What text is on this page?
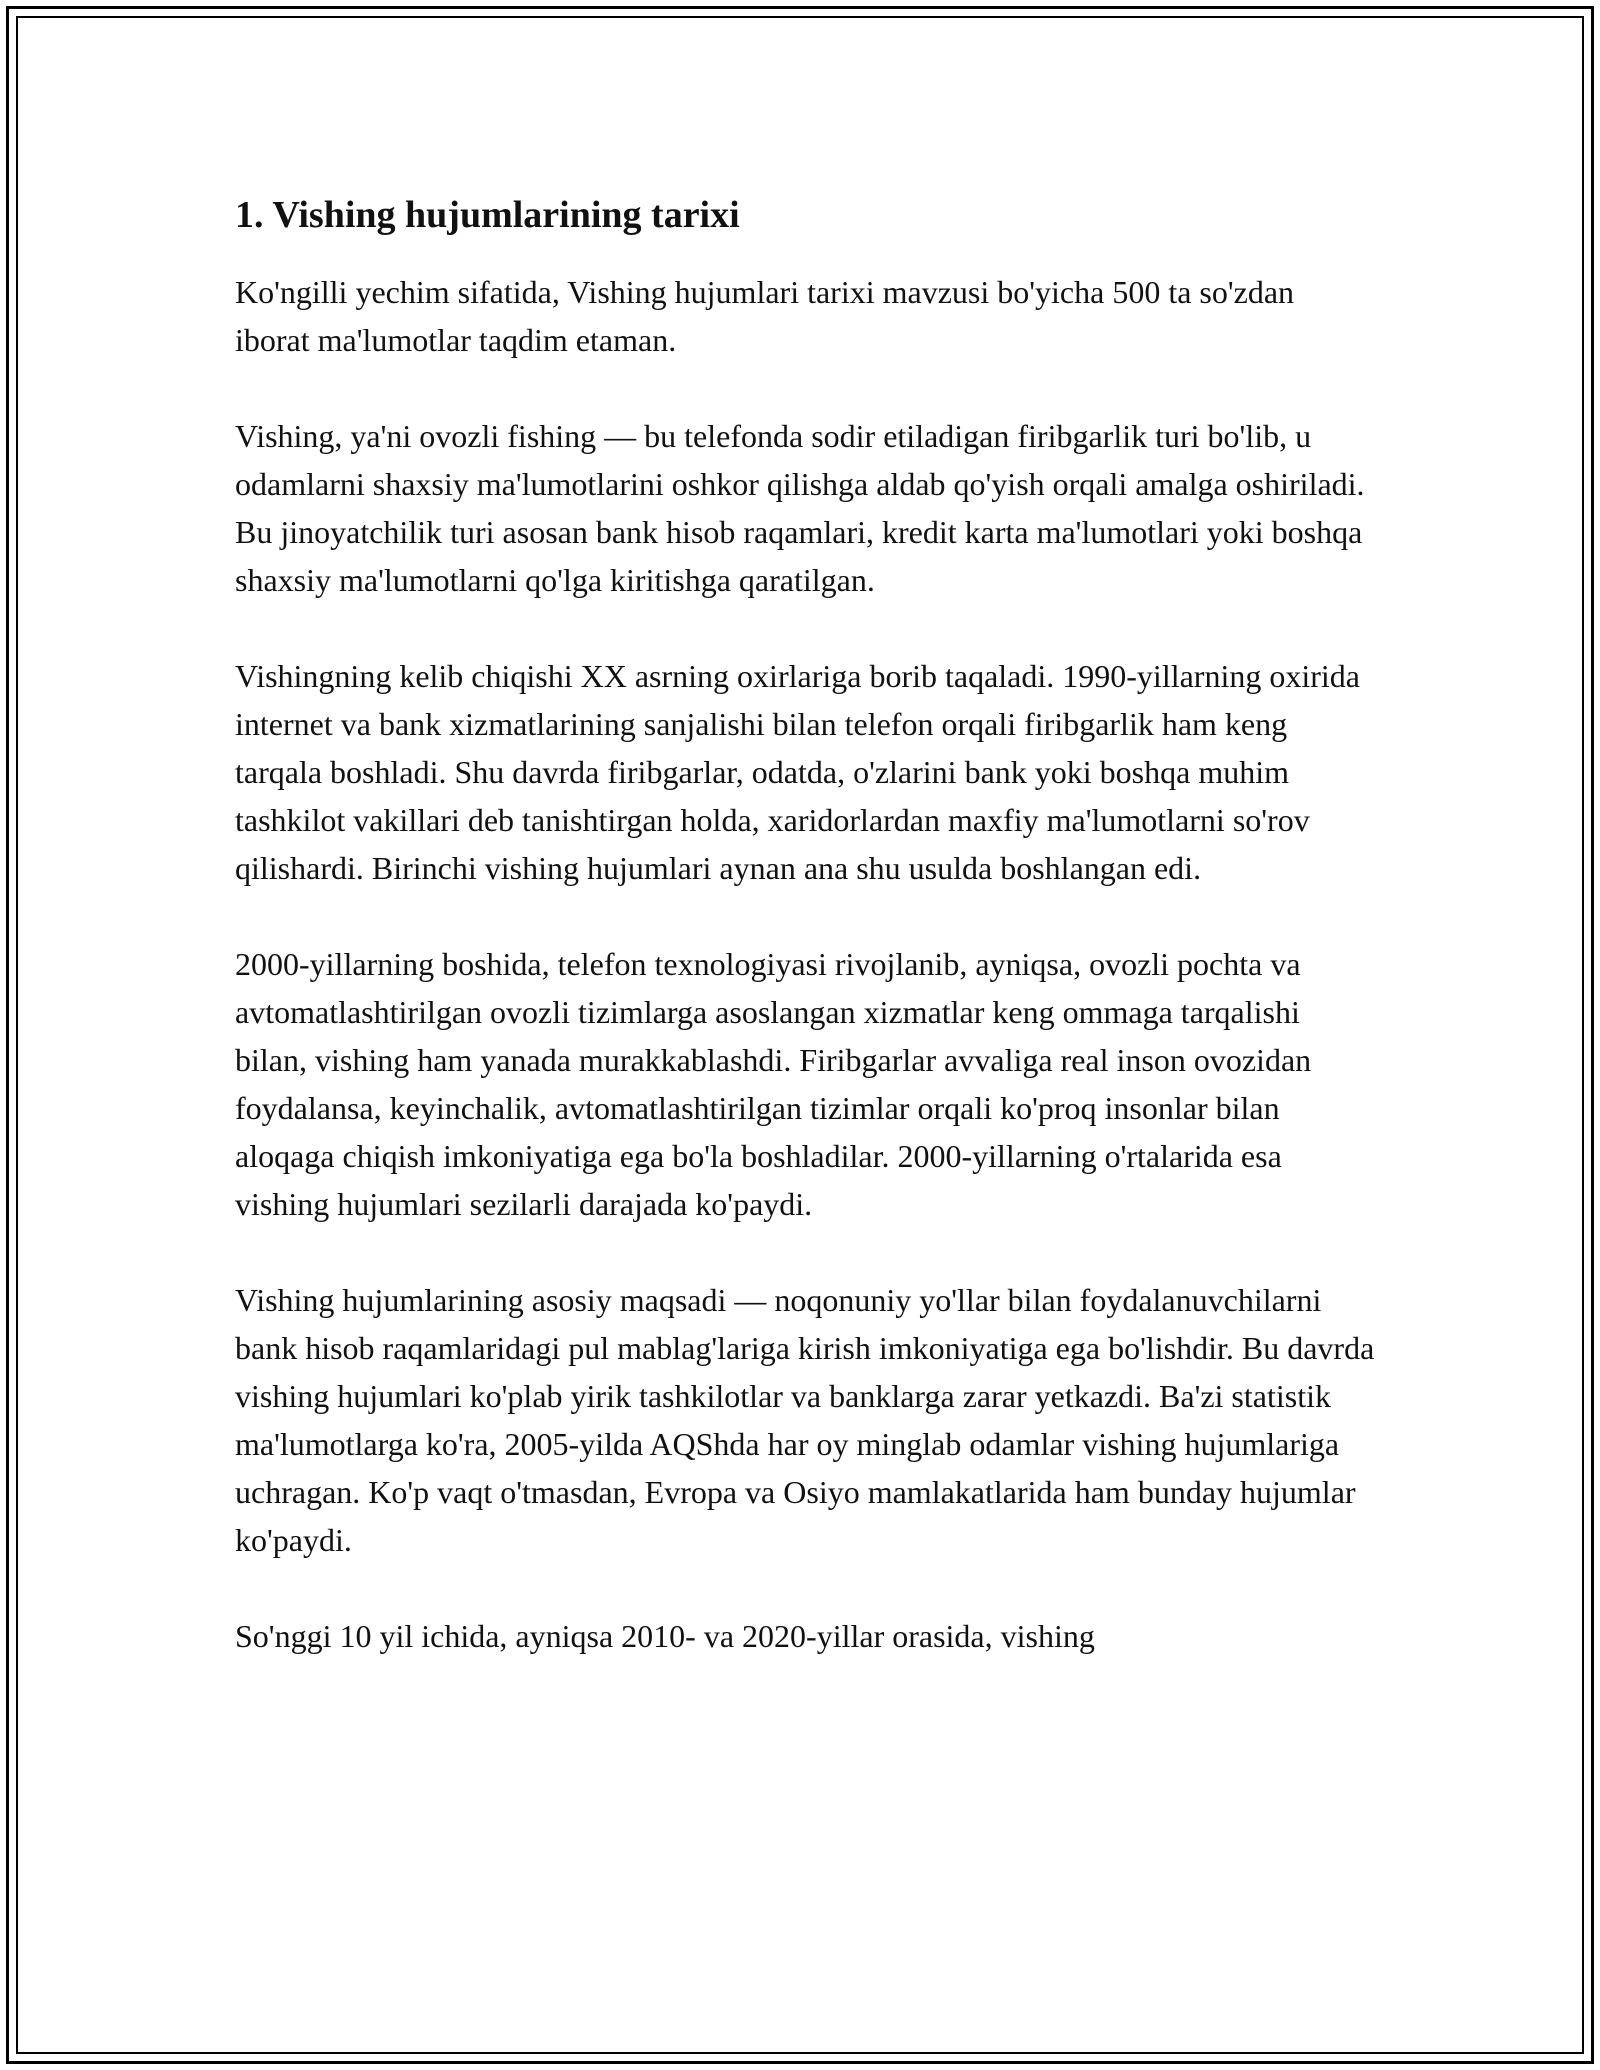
1. Vishing hujumlarining tarixi

Ko'ngilli yechim sifatida, Vishing hujumlari tarixi mavzusi bo'yicha 500 ta so'zdan iborat ma'lumotlar taqdim etaman.

Vishing, ya'ni ovozli fishing — bu telefonda sodir etiladigan firibgarlik turi bo'lib, u odamlarni shaxsiy ma'lumotlarini oshkor qilishga aldab qo'yish orqali amalga oshiriladi. Bu jinoyatchilik turi asosan bank hisob raqamlari, kredit karta ma'lumotlari yoki boshqa shaxsiy ma'lumotlarni qo'lga kiritishga qaratilgan.

Vishingning kelib chiqishi XX asrning oxirlariga borib taqaladi. 1990-yillarning oxirida internet va bank xizmatlarining sanjalishi bilan telefon orqali firibgarlik ham keng tarqala boshladi. Shu davrda firibgarlar, odatda, o'zlarini bank yoki boshqa muhim tashkilot vakillari deb tanishtirgan holda, xaridorlardan maxfiy ma'lumotlarni so'rov qilishardi. Birinchi vishing hujumlari aynan ana shu usulda boshlangan edi.

2000-yillarning boshida, telefon texnologiyasi rivojlanib, ayniqsa, ovozli pochta va avtomatlashtirilgan ovozli tizimlarga asoslangan xizmatlar keng ommaga tarqalishi bilan, vishing ham yanada murakkablashdi. Firibgarlar avvaliga real inson ovozidan foydalansa, keyinchalik, avtomatlashtirilgan tizimlar orqali ko'proq insonlar bilan aloqaga chiqish imkoniyatiga ega bo'la boshladilar. 2000-yillarning o'rtalarida esa vishing hujumlari sezilarli darajada ko'paydi.

Vishing hujumlarining asosiy maqsadi — noqonuniy yo'llar bilan foydalanuvchilarni bank hisob raqamlaridagi pul mablag'lariga kirish imkoniyatiga ega bo'lishdir. Bu davrda vishing hujumlari ko'plab yirik tashkilotlar va banklarga zarar yetkazdi. Ba'zi statistik ma'lumotlarga ko'ra, 2005-yilda AQShda har oy minglab odamlar vishing hujumlariga uchragan. Ko'p vaqt o'tmasdan, Evropa va Osiyo mamlakatlarida ham bunday hujumlar ko'paydi.

So'nggi 10 yil ichida, ayniqsa 2010- va 2020-yillar orasida, vishing
